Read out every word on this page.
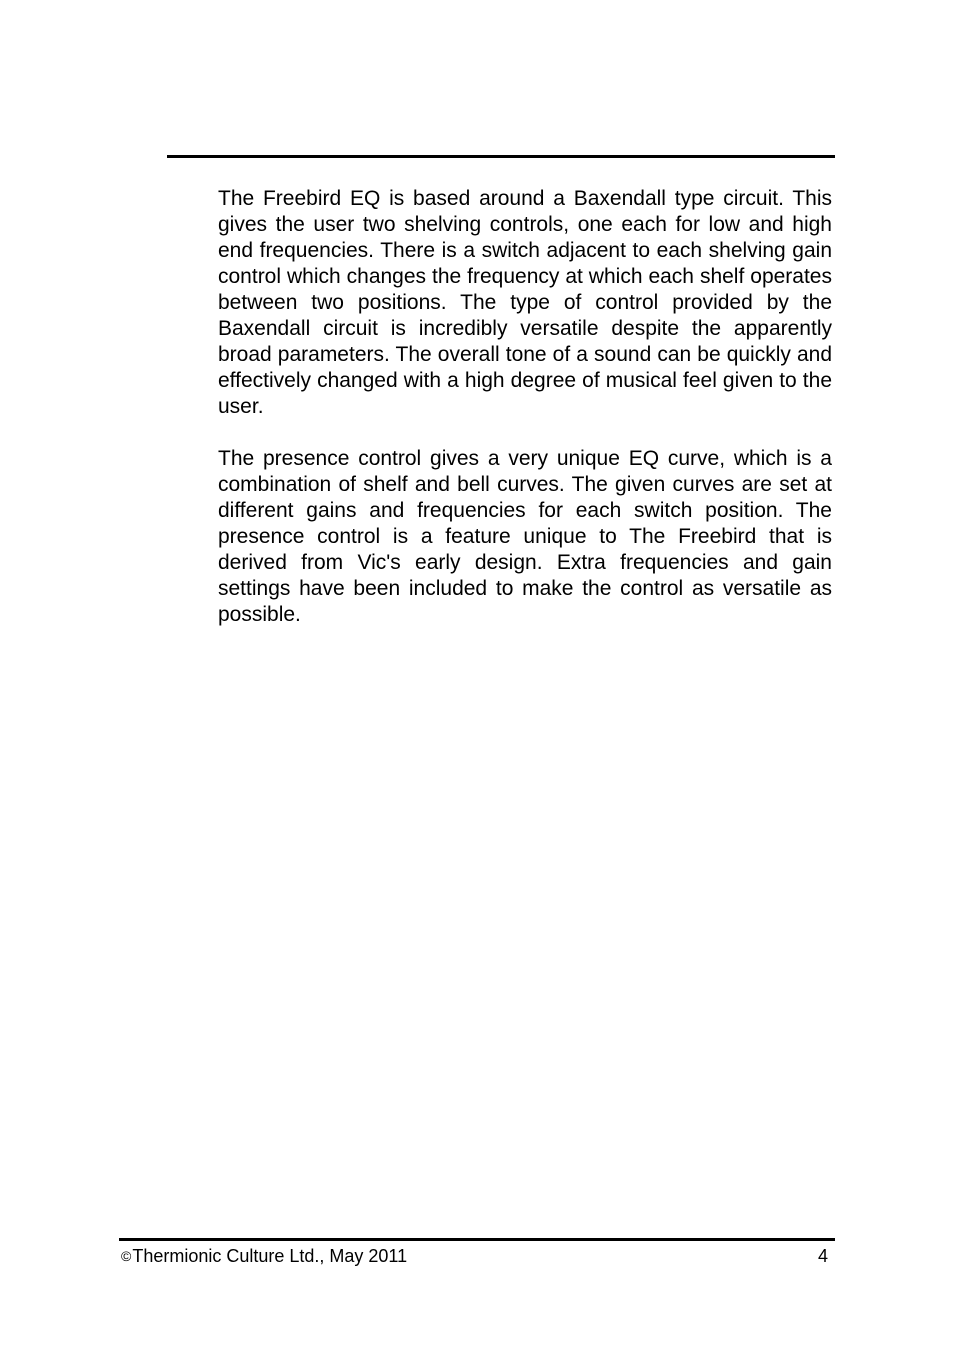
The Freebird EQ is based around a Baxendall type circuit. This gives the user two shelving controls, one each for low and high end frequencies. There is a switch adjacent to each shelving gain control which changes the frequency at which each shelf operates between two positions. The type of control provided by the Baxendall circuit is incredibly versatile despite the apparently broad parameters. The overall tone of a sound can be quickly and effectively changed with a high degree of musical feel given to the user.

The presence control gives a very unique EQ curve, which is a combination of shelf and bell curves. The given curves are set at different gains and frequencies for each switch position. The presence control is a feature unique to The Freebird that is derived from Vic's early design. Extra frequencies and gain settings have been included to make the control as versatile as possible.

©Thermionic Culture Ltd., May 2011	4
